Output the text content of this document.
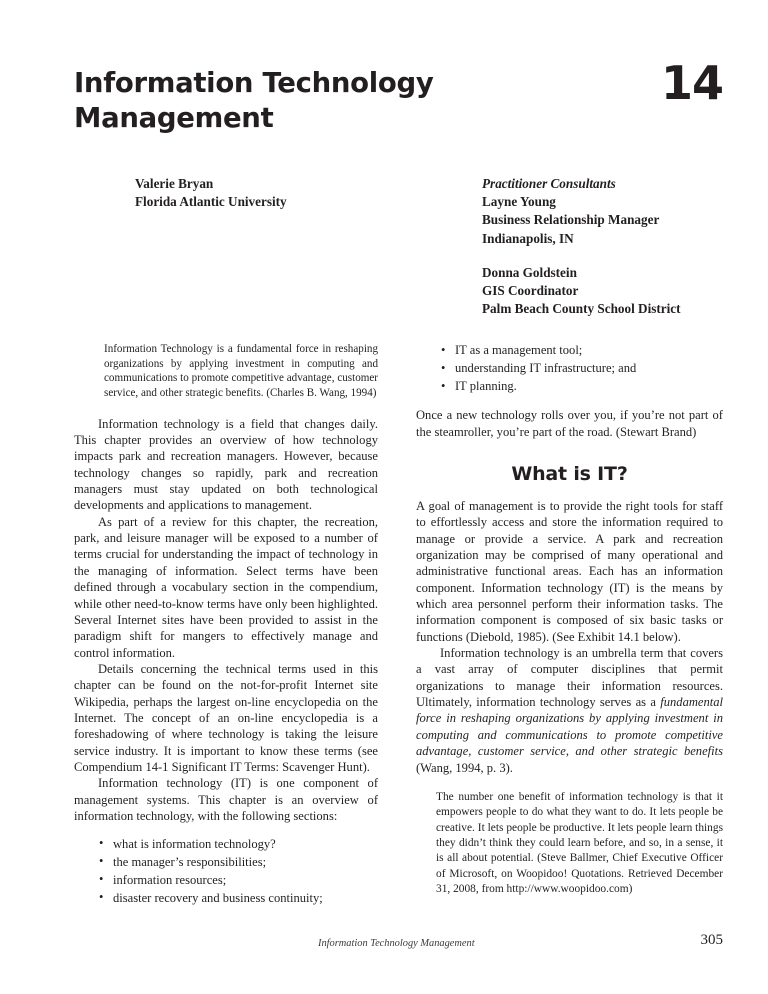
Information Technology Management
14
Valerie Bryan
Florida Atlantic University
Practitioner Consultants
Layne Young
Business Relationship Manager
Indianapolis, IN
Donna Goldstein
GIS Coordinator
Palm Beach County School District

Information Technology is a fundamental force in reshaping organizations by applying investment in computing and communications to promote competitive advantage, customer service, and other strategic benefits. (Charles B. Wang, 1994)

Information technology is a field that changes daily. This chapter provides an overview of how technology impacts park and recreation managers. However, because technology changes so rapidly, park and recreation managers must stay updated on both technological developments and applications to management.

As part of a review for this chapter, the recreation, park, and leisure manager will be exposed to a number of terms crucial for understanding the impact of technology in the managing of information. Select terms have been defined through a vocabulary section in the compendium, while other need-to-know terms have only been highlighted. Several Internet sites have been provided to assist in the paradigm shift for mangers to effectively manage and control information.

Details concerning the technical terms used in this chapter can be found on the not-for-profit Internet site Wikipedia, perhaps the largest on-line encyclopedia on the Internet. The concept of an on-line encyclopedia is a foreshadowing of where technology is taking the leisure service industry. It is important to know these terms (see Compendium 14-1 Significant IT Terms: Scavenger Hunt).

Information technology (IT) is one component of management systems. This chapter is an overview of information technology, with the following sections:

• what is information technology?
• the manager’s responsibilities;
• information resources;
• disaster recovery and business continuity;
• IT as a management tool;
• understanding IT infrastructure; and
• IT planning.

Once a new technology rolls over you, if you’re not part of the steamroller, you’re part of the road. (Stewart Brand)

What is IT?

A goal of management is to provide the right tools for staff to effortlessly access and store the information required to manage or provide a service. A park and recreation organization may be comprised of many operational and administrative functional areas. Each has an information component. Information technology (IT) is the means by which area personnel perform their information tasks. The information component is composed of six basic tasks or functions (Diebold, 1985). (See Exhibit 14.1 below).

Information technology is an umbrella term that covers a vast array of computer disciplines that permit organizations to manage their information resources. Ultimately, information technology serves as a fundamental force in reshaping organizations by applying investment in computing and communications to promote competitive advantage, customer service, and other strategic benefits (Wang, 1994, p. 3).

The number one benefit of information technology is that it empowers people to do what they want to do. It lets people be creative. It lets people be productive. It lets people learn things they didn’t think they could learn before, and so, in a sense, it is all about potential. (Steve Ballmer, Chief Executive Officer of Microsoft, on Woopidoo! Quotations. Retrieved December 31, 2008, from http://www.woopidoo.com)

Information Technology Management	305
